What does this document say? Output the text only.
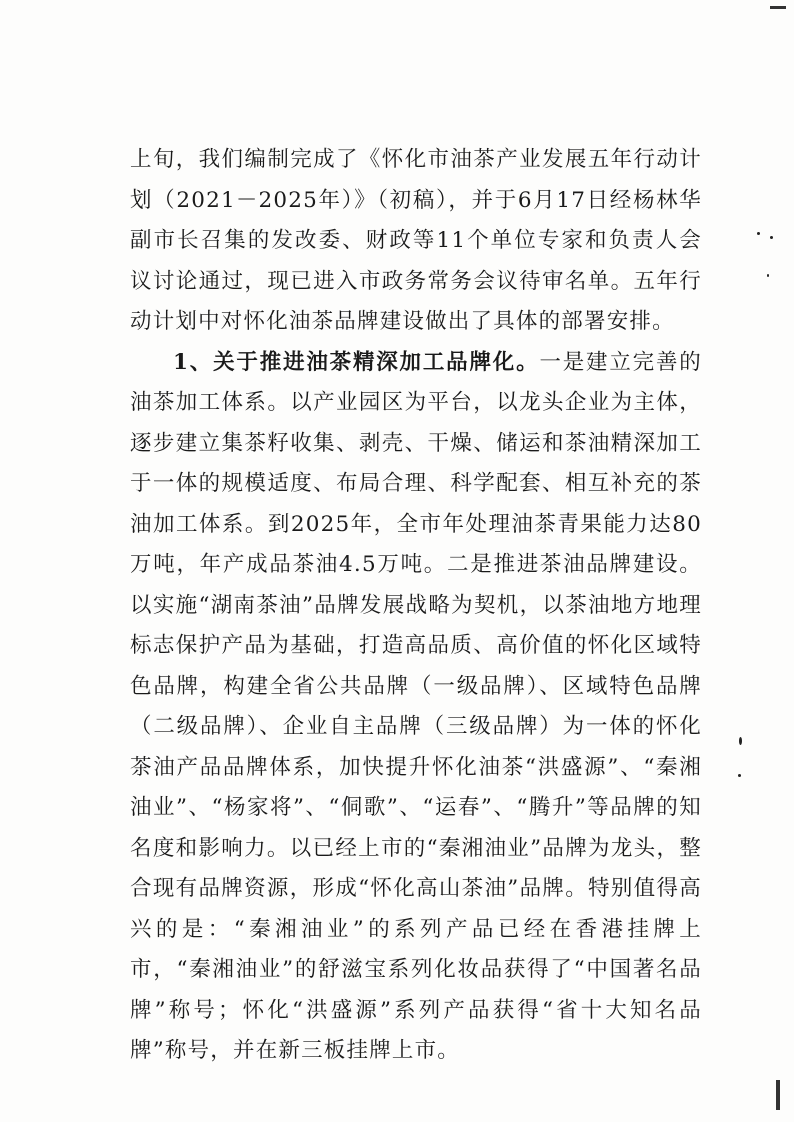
上旬，我们编制完成了《怀化市油茶产业发展五年行动计划（2021－2025年）》（初稿），并于6月17日经杨林华副市长召集的发改委、财政等11个单位专家和负责人会议讨论通过，现已进入市政务常务会议待审名单。五年行动计划中对怀化油茶品牌建设做出了具体的部署安排。

1、关于推进油茶精深加工品牌化。一是建立完善的油茶加工体系。以产业园区为平台，以龙头企业为主体，逐步建立集茶籽收集、剥壳、干燥、储运和茶油精深加工于一体的规模适度、布局合理、科学配套、相互补充的茶油加工体系。到2025年，全市年处理油茶青果能力达80万吨，年产成品茶油4.5万吨。二是推进茶油品牌建设。以实施“湖南茶油”品牌发展战略为契机，以茶油地方地理标志保护产品为基础，打造高品质、高价值的怀化区域特色品牌，构建全省公共品牌（一级品牌）、区域特色品牌（二级品牌）、企业自主品牌（三级品牌）为一体的怀化茶油产品品牌体系，加快提升怀化油茶“洪盛源”、“秦湘油业”、“杨家将”、“侗歌”、“运春”、“腾升”等品牌的知名度和影响力。以已经上市的“秦湘油业”品牌为龙头，整合现有品牌资源，形成“怀化高山茶油”品牌。特别值得高兴的是：“秦湘油业”的系列产品已经在香港挂牌上市，“秦湘油业”的舒滋宝系列化妆品获得了“中国著名品牌”称号；怀化“洪盛源”系列产品获得“省十大知名品牌”称号，并在新三板挂牌上市。
